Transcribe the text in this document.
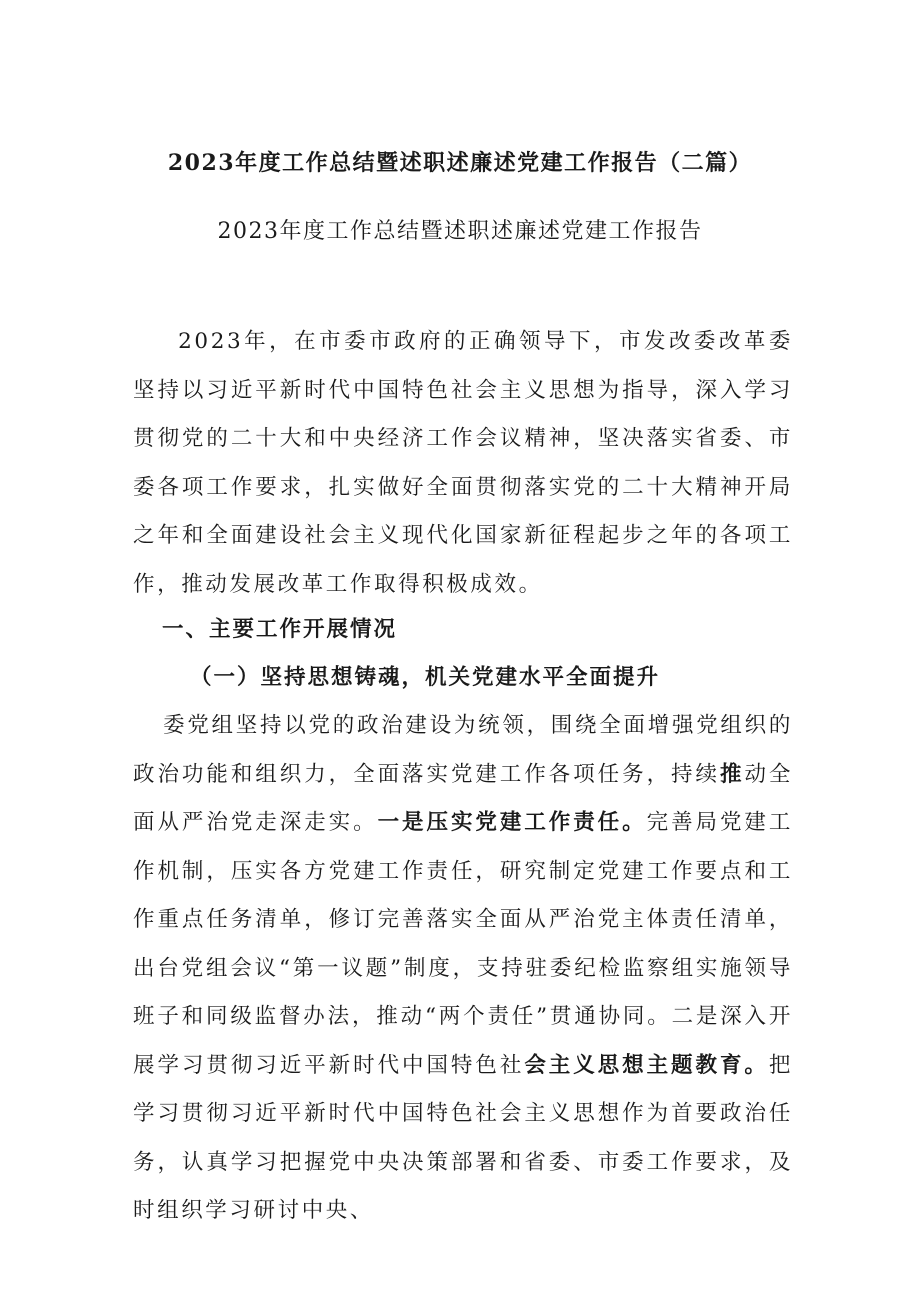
2023年度工作总结暨述职述廉述党建工作报告（二篇）
2023年度工作总结暨述职述廉述党建工作报告

2023年，在市委市政府的正确领导下，市发改委改革委坚持以习近平新时代中国特色社会主义思想为指导，深入学习贯彻党的二十大和中央经济工作会议精神，坚决落实省委、市委各项工作要求，扎实做好全面贯彻落实党的二十大精神开局之年和全面建设社会主义现代化国家新征程起步之年的各项工作，推动发展改革工作取得积极成效。

一、主要工作开展情况
（一）坚持思想铸魂，机关党建水平全面提升

委党组坚持以党的政治建设为统领，围绕全面增强党组织的政治功能和组织力，全面落实党建工作各项任务，持续推动全面从严治党走深走实。一是压实党建工作责任。完善局党建工作机制，压实各方党建工作责任，研究制定党建工作要点和工作重点任务清单，修订完善落实全面从严治党主体责任清单，出台党组会议“第一议题”制度，支持驻委纪检监察组实施领导班子和同级监督办法，推动“两个责任”贯通协同。二是深入开展学习贯彻习近平新时代中国特色社会主义思想主题教育。把学习贯彻习近平新时代中国特色社会主义思想作为首要政治任务，认真学习把握党中央决策部署和省委、市委工作要求，及时组织学习研讨中央、
